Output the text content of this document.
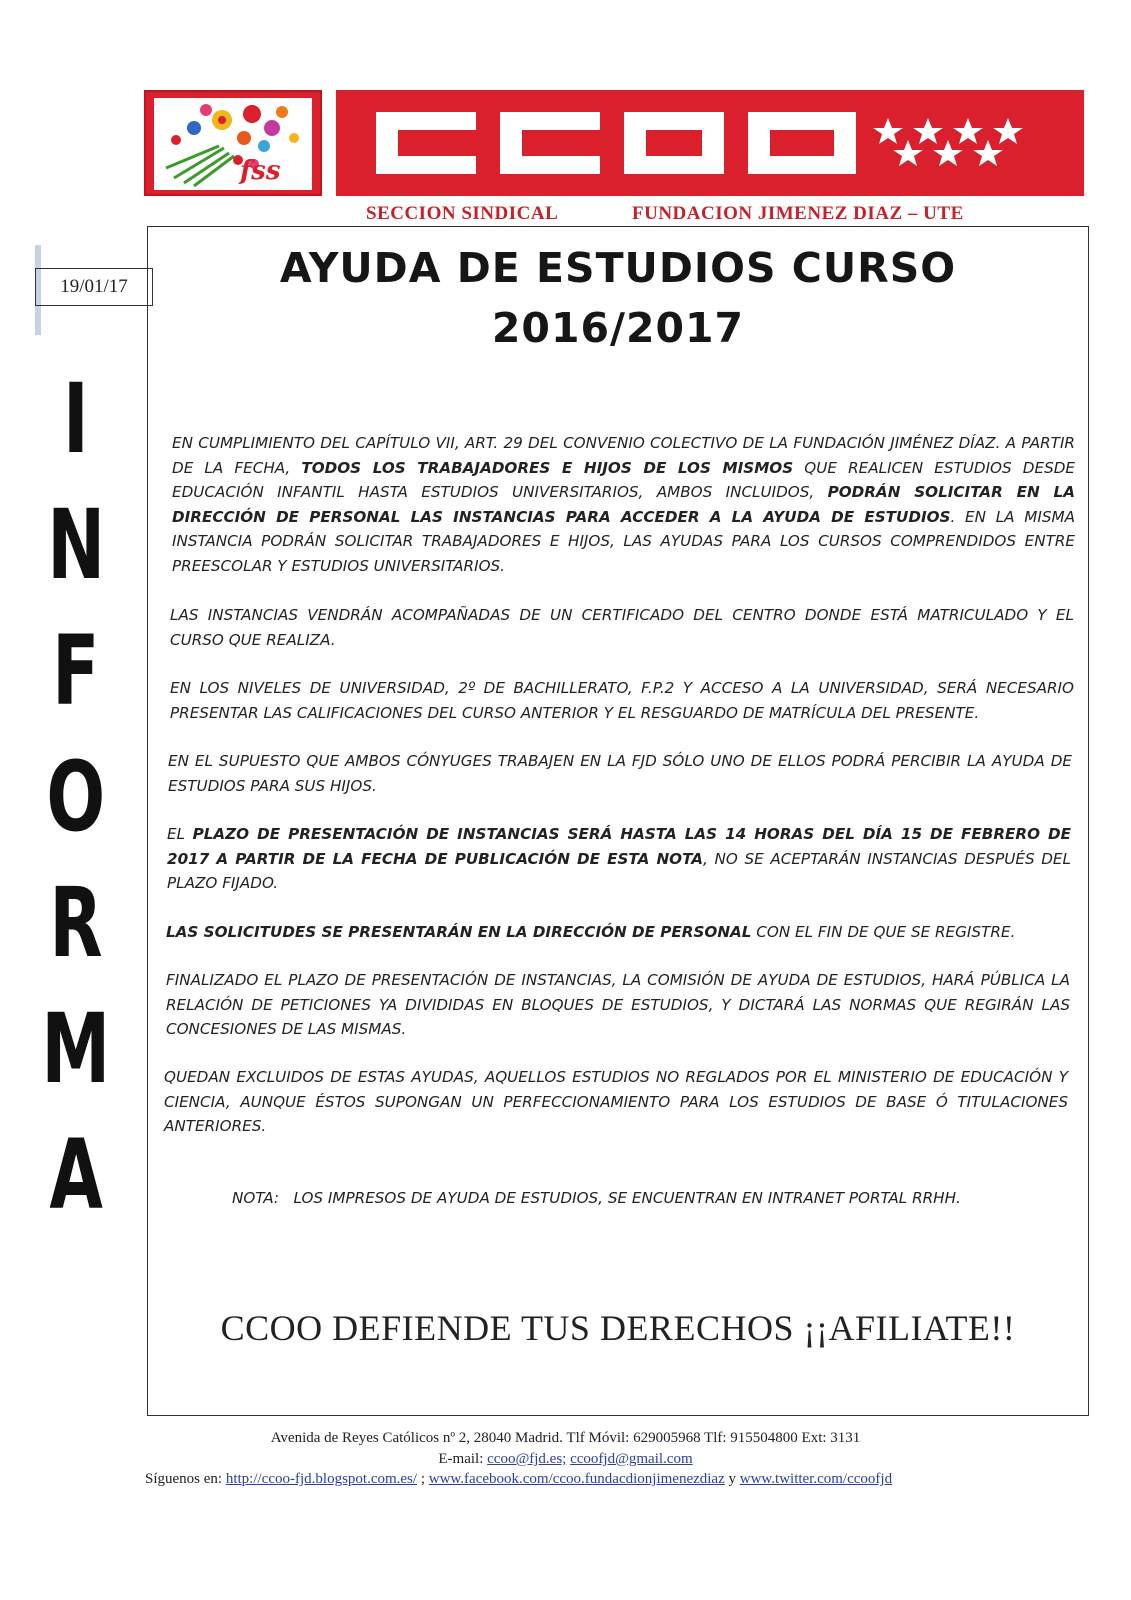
fss
SECCION SINDICAL	FUNDACION JIMENEZ DIAZ – UTE
19/01/17
I
N
F
O
R
M
A
AYUDA DE ESTUDIOS CURSO
2016/2017
EN CUMPLIMIENTO DEL CAPÍTULO VII, ART. 29 DEL CONVENIO COLECTIVO DE LA FUNDACIÓN JIMÉNEZ DÍAZ. A PARTIR DE LA FECHA, TODOS LOS TRABAJADORES E HIJOS DE LOS MISMOS QUE REALICEN ESTUDIOS DESDE EDUCACIÓN INFANTIL HASTA ESTUDIOS UNIVERSITARIOS, AMBOS INCLUIDOS, PODRÁN SOLICITAR EN LA DIRECCIÓN DE PERSONAL LAS INSTANCIAS PARA ACCEDER A LA AYUDA DE ESTUDIOS. EN LA MISMA INSTANCIA PODRÁN SOLICITAR TRABAJADORES E HIJOS, LAS AYUDAS PARA LOS CURSOS COMPRENDIDOS ENTRE PREESCOLAR Y ESTUDIOS UNIVERSITARIOS.
LAS INSTANCIAS VENDRÁN ACOMPAÑADAS DE UN CERTIFICADO DEL CENTRO DONDE ESTÁ MATRICULADO Y EL CURSO QUE REALIZA.
EN LOS NIVELES DE UNIVERSIDAD, 2º DE BACHILLERATO, F.P.2 Y ACCESO A LA UNIVERSIDAD, SERÁ NECESARIO PRESENTAR LAS CALIFICACIONES DEL CURSO ANTERIOR Y EL RESGUARDO DE MATRÍCULA DEL PRESENTE.
EN EL SUPUESTO QUE AMBOS CÓNYUGES TRABAJEN EN LA FJD SÓLO UNO DE ELLOS PODRÁ PERCIBIR LA AYUDA DE ESTUDIOS PARA SUS HIJOS.
EL PLAZO DE PRESENTACIÓN DE INSTANCIAS SERÁ HASTA LAS 14 HORAS DEL DÍA 15 DE FEBRERO DE 2017 A PARTIR DE LA FECHA DE PUBLICACIÓN DE ESTA NOTA, NO SE ACEPTARÁN INSTANCIAS DESPUÉS DEL PLAZO FIJADO.
LAS SOLICITUDES SE PRESENTARÁN EN LA DIRECCIÓN DE PERSONAL CON EL FIN DE QUE SE REGISTRE.
FINALIZADO EL PLAZO DE PRESENTACIÓN DE INSTANCIAS, LA COMISIÓN DE AYUDA DE ESTUDIOS, HARÁ PÚBLICA LA RELACIÓN DE PETICIONES YA DIVIDIDAS EN BLOQUES DE ESTUDIOS, Y DICTARÁ LAS NORMAS QUE REGIRÁN LAS CONCESIONES DE LAS MISMAS.
QUEDAN EXCLUIDOS DE ESTAS AYUDAS, AQUELLOS ESTUDIOS NO REGLADOS POR EL MINISTERIO DE EDUCACIÓN Y CIENCIA, AUNQUE ÉSTOS SUPONGAN UN PERFECCIONAMIENTO PARA LOS ESTUDIOS DE BASE Ó TITULACIONES ANTERIORES.
NOTA: LOS IMPRESOS DE AYUDA DE ESTUDIOS, SE ENCUENTRAN EN INTRANET PORTAL RRHH.
CCOO DEFIENDE TUS DERECHOS ¡¡AFILIATE!!
Avenida de Reyes Católicos nº 2, 28040 Madrid. Tlf Móvil: 629005968 Tlf: 915504800 Ext: 3131
E-mail: ccoo@fjd.es; ccoofjd@gmail.com
Síguenos en: http://ccoo-fjd.blogspot.com.es/ ; www.facebook.com/ccoo.fundacdionjimenezdiaz y www.twitter.com/ccoofjd
